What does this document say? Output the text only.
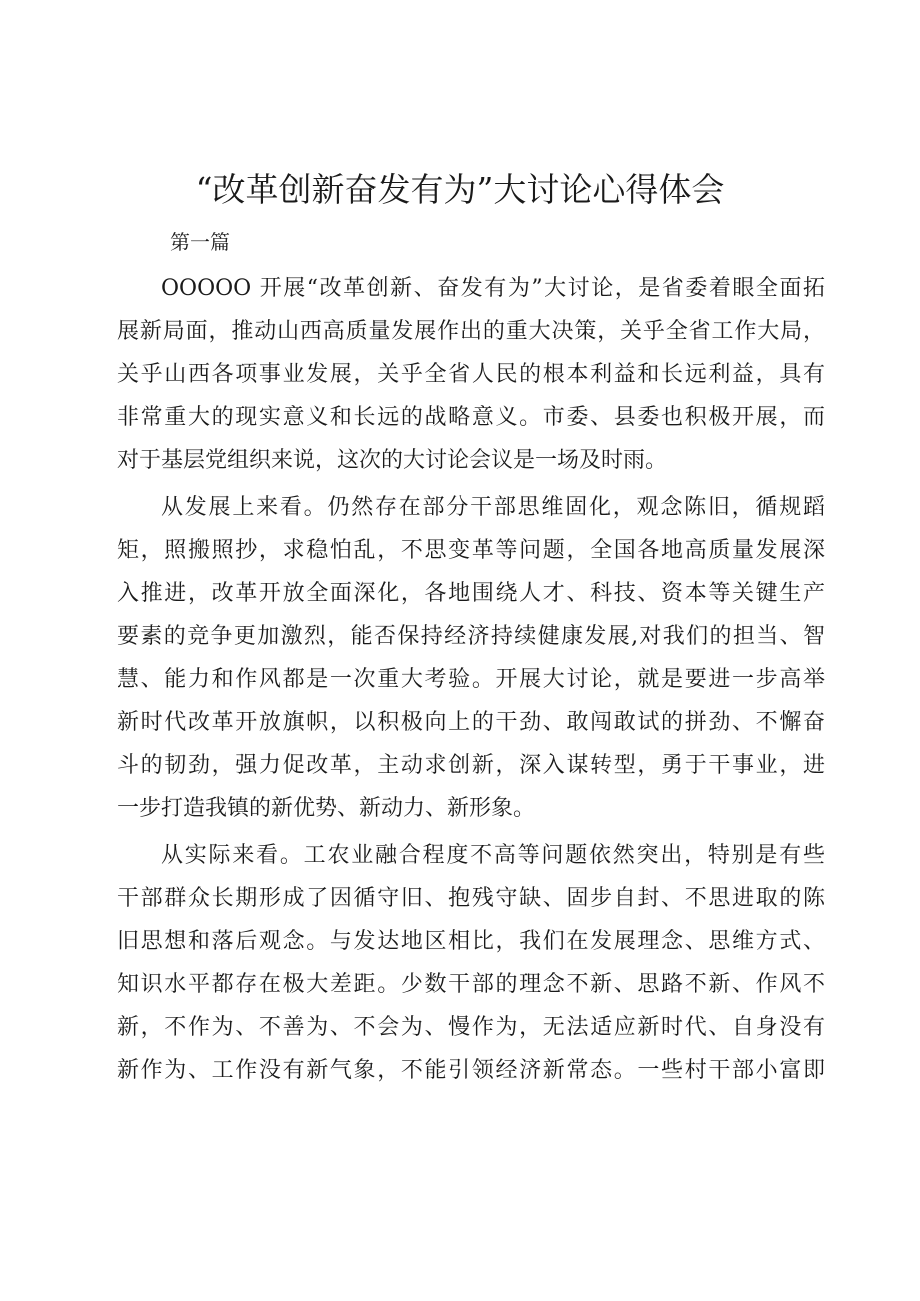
“改革创新奋发有为”大讨论心得体会

第一篇

OOOOO 开展“改革创新、奋发有为”大讨论，是省委着眼全面拓
展新局面，推动山西高质量发展作出的重大决策，关乎全省工作大局，
关乎山西各项事业发展，关乎全省人民的根本利益和长远利益，具有
非常重大的现实意义和长远的战略意义。市委、县委也积极开展，而
对于基层党组织来说，这次的大讨论会议是一场及时雨。
从发展上来看。仍然存在部分干部思维固化，观念陈旧，循规蹈
矩，照搬照抄，求稳怕乱，不思变革等问题，全国各地高质量发展深
入推进，改革开放全面深化，各地围绕人才、科技、资本等关键生产
要素的竞争更加激烈，能否保持经济持续健康发展,对我们的担当、智
慧、能力和作风都是一次重大考验。开展大讨论，就是要进一步高举
新时代改革开放旗帜，以积极向上的干劲、敢闯敢试的拼劲、不懈奋
斗的韧劲，强力促改革，主动求创新，深入谋转型，勇于干事业，进
一步打造我镇的新优势、新动力、新形象。
从实际来看。工农业融合程度不高等问题依然突出，特别是有些
干部群众长期形成了因循守旧、抱残守缺、固步自封、不思进取的陈
旧思想和落后观念。与发达地区相比，我们在发展理念、思维方式、
知识水平都存在极大差距。少数干部的理念不新、思路不新、作风不
新，不作为、不善为、不会为、慢作为，无法适应新时代、自身没有
新作为、工作没有新气象，不能引领经济新常态。一些村干部小富即
